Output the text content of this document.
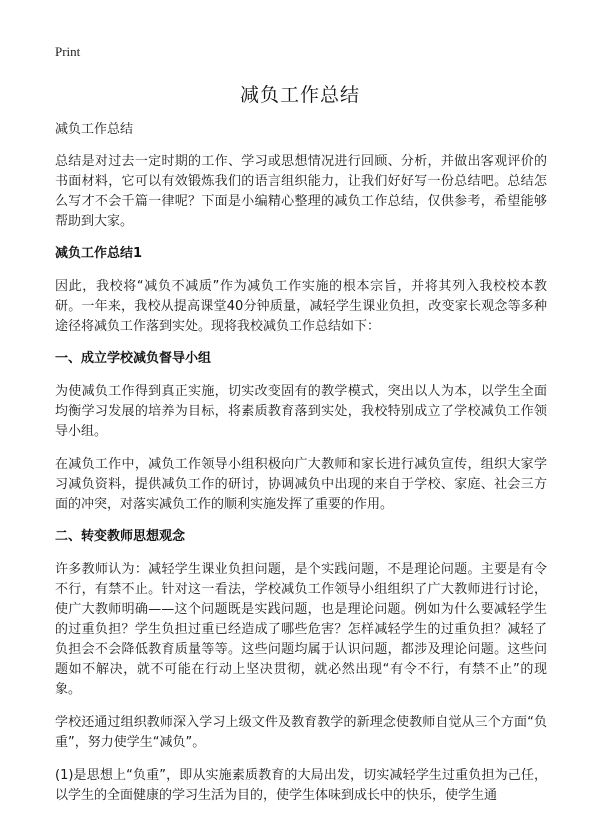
Print
减负工作总结

减负工作总结

总结是对过去一定时期的工作、学习或思想情况进行回顾、分析，并做出客观评价的书面材料，它可以有效锻炼我们的语言组织能力，让我们好好写一份总结吧。总结怎么写才不会千篇一律呢？下面是小编精心整理的减负工作总结，仅供参考，希望能够帮助到大家。

减负工作总结1

因此，我校将“减负不减质”作为减负工作实施的根本宗旨，并将其列入我校校本教研。一年来，我校从提高课堂40分钟质量，减轻学生课业负担，改变家长观念等多种途径将减负工作落到实处。现将我校减负工作总结如下：

一、成立学校减负督导小组

为使减负工作得到真正实施，切实改变固有的教学模式，突出以人为本，以学生全面均衡学习发展的培养为目标，将素质教育落到实处，我校特别成立了学校减负工作领导小组。

在减负工作中，减负工作领导小组积极向广大教师和家长进行减负宣传，组织大家学习减负资料，提供减负工作的研讨，协调减负中出现的来自于学校、家庭、社会三方面的冲突，对落实减负工作的顺利实施发挥了重要的作用。

二、转变教师思想观念

许多教师认为：减轻学生课业负担问题，是个实践问题，不是理论问题。主要是有令不行，有禁不止。针对这一看法，学校减负工作领导小组组织了广大教师进行讨论，使广大教师明确——这个问题既是实践问题，也是理论问题。例如为什么要减轻学生的过重负担？学生负担过重已经造成了哪些危害？怎样减轻学生的过重负担？减轻了负担会不会降低教育质量等等。这些问题均属于认识问题，都涉及理论问题。这些问题如不解决，就不可能在行动上坚决贯彻，就必然出现“有令不行，有禁不止”的现象。

学校还通过组织教师深入学习上级文件及教育教学的新理念使教师自觉从三个方面“负重”，努力使学生“减负”。

(1)是思想上“负重”，即从实施素质教育的大局出发，切实减轻学生过重负担为己任，以学生的全面健康的学习生活为目的，使学生体味到成长中的快乐，使学生通
